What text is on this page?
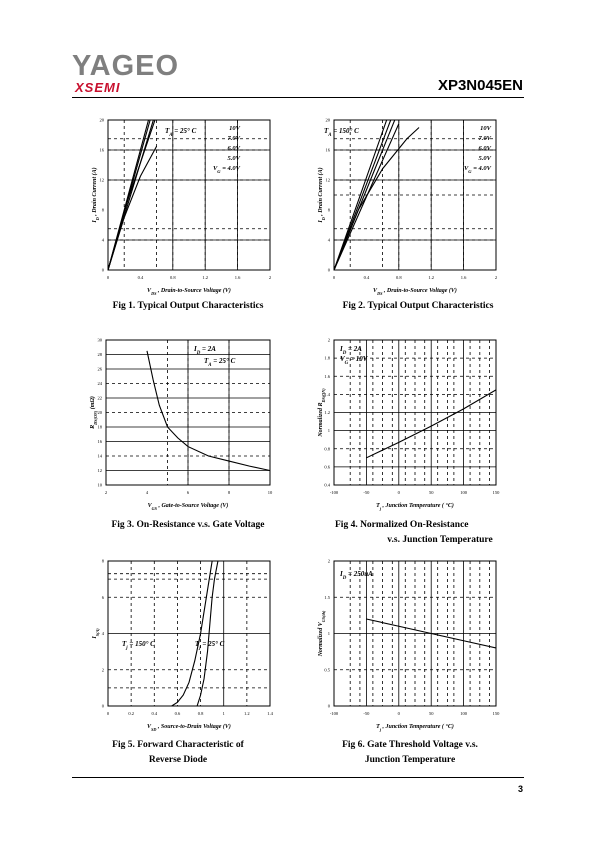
YAGEO
XSEMI	XP3N045EN
0	0.4	0.8	1.2	1.6	2
0
4
8
12
16
20
$V_{DS}$ , Drain-to-Source Voltage (V)
$I_D$ , Drain Current (A)
$T_A = 25^\circ$ C	10V
7.0V
6.0V
5.0V
$V_G = 4.0V$
0	0.4	0.8	1.2	1.6	2
0
4
8
12
16
20
$V_{DS}$ , Drain-to-Source Voltage (V)
$I_D$ , Drain Current (A)
$T_A = 150^\circ$ C	10V
7.0V
6.0V
5.0V
$V_G = 4.0V$
2	4	6	8	10
10
12
14
16
18
20
22
24
26
28
30
$V_{GS}$ , Gate-to-Source Voltage (V)
$R_{DS(ON)}$ (mΩ)
$I_D = 2A$
$T_A = 25^\circ$ C
-100	-50	0	50	100	150
0.4
0.6
0.8
1
1.2
1.4
1.6
1.8
2
$T_j$ , Junction Temperature ( °C)
Normalized $R_{DS(ON)}$
$I_D = 2A$
$V_G = 10V$
0	0.2	0.4	0.6	0.8	1	1.2	1.4
0
2
4
6
8
$V_{SD}$ , Source-to-Drain Voltage (V)
$I_{S(A)}$
$T_j = 150^\circ$ C	$T_j = 25^\circ$ C
-100	-50	0	50	100	150
0
0.5
1
1.5
2
$T_j$ , Junction Temperature ( °C)
Normalized $V_{GS(th)}$
$I_D = 250uA$
Fig 1. Typical Output Characteristics	Fig 2. Typical Output Characteristics
Fig 3. On-Resistance v.s. Gate Voltage	Fig 4. Normalized On-Resistance
v.s. Junction Temperature
Fig 5. Forward Characteristic of
Reverse Diode
Fig 6. Gate Threshold Voltage v.s.
Junction Temperature
3
